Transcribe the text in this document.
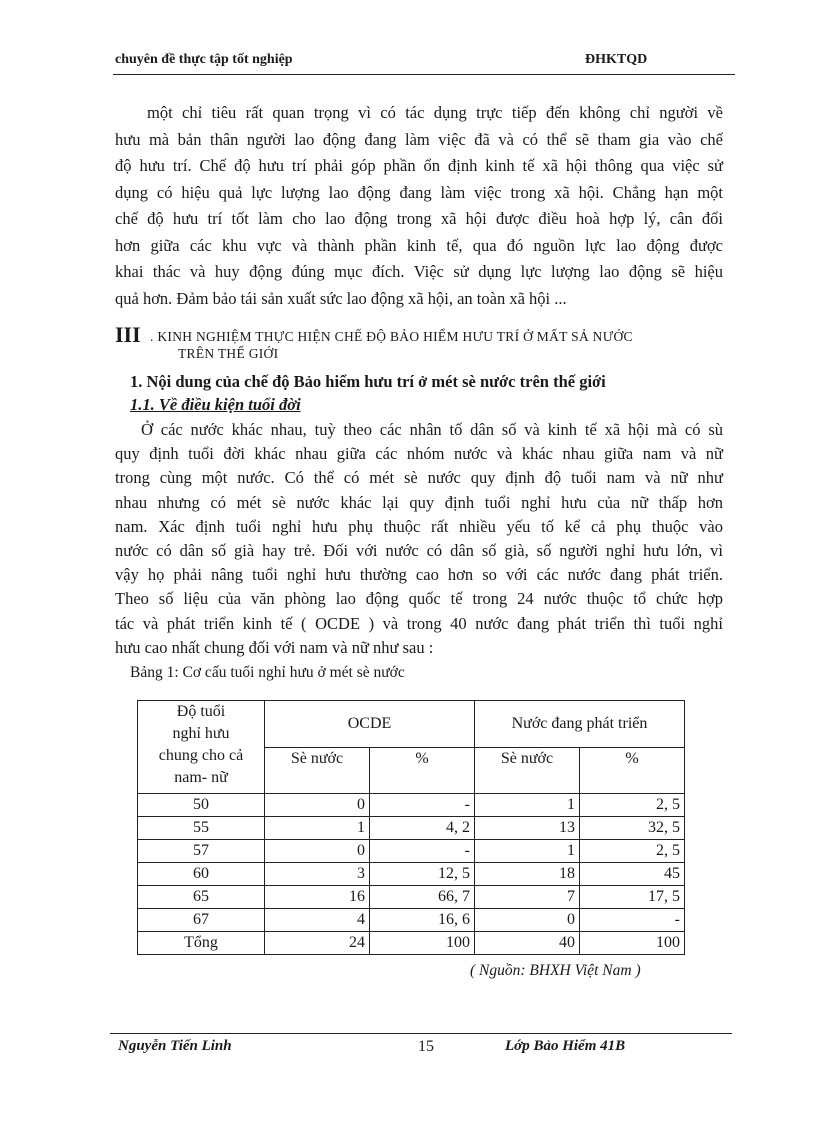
chuyên đề thực tập tốt nghiệp	ĐHKTQD

một chỉ tiêu rất quan trọng vì có tác dụng trực tiếp đến không chỉ người về
hưu mà bản thân người lao động đang làm việc đã và có thể sẽ tham gia vào chế
độ hưu trí. Chế độ hưu trí phải góp phần ổn định kinh tế xã hội thông qua việc sử
dụng có hiệu quả lực lượng lao động đang làm việc trong xã hội. Chẳng hạn một
chế độ hưu trí tốt làm cho lao động trong xã hội được điều hoà hợp lý, cân đối
hơn giữa các khu vực và thành phần kinh tế, qua đó nguồn lực lao động được
khai thác và huy động đúng mục đích. Việc sử dụng lực lượng lao động sẽ hiệu
quả hơn. Đảm bảo tái sản xuất sức lao động xã hội, an toàn xã hội ...

III . KINH NGHIỆM THỰC HIỆN CHẾ ĐỘ BẢO HIỂM HƯU TRÍ Ở MẤT SẢ NƯỚC
TRÊN THẾ GIỚI
1. Nội dung của chế độ Bảo hiểm hưu trí ở mét sè nước trên thế giới
1.1. Về điều kiện tuổi đời

Ở các nước khác nhau, tuỳ theo các nhân tố dân số và kinh tế xã hội mà có sù
quy định tuổi đời khác nhau giữa các nhóm nước và khác nhau giữa nam và nữ
trong cùng một nước. Có thể có mét sè nước quy định độ tuổi nam và nữ như
nhau nhưng có mét sè nước khác lại quy định tuổi nghỉ hưu của nữ thấp hơn
nam. Xác định tuổi nghỉ hưu phụ thuộc rất nhiều yếu tố kể cả phụ thuộc vào
nước có dân số già hay trẻ. Đối với nước có dân số già, số người nghỉ hưu lớn, vì
vậy họ phải nâng tuổi nghỉ hưu thường cao hơn so với các nước đang phát triển.
Theo số liệu của văn phòng lao động quốc tế trong 24 nước thuộc tổ chức hợp
tác và phát triển kinh tế ( OCDE ) và trong 40 nước đang phát triển thì tuổi nghỉ
hưu cao nhất chung đối với nam và nữ như sau :

Bảng 1: Cơ cấu tuổi nghỉ hưu ở mét sè nước
Độ tuổi
nghỉ hưu
chung cho cả
nam- nữ	OCDE		Nước đang phát triển	
	Sè nước	%	Sè nước	%
50	0	-	1	2, 5
55	1	4, 2	13	32, 5
57	0	-	1	2, 5
60	3	12, 5	18	45
65	16	66, 7	7	17, 5
67	4	16, 6	0	-
Tổng	24	100	40	100
( Nguồn: BHXH Việt Nam )
Nguyễn Tiến Linh	15	Lớp Bảo Hiểm 41B
